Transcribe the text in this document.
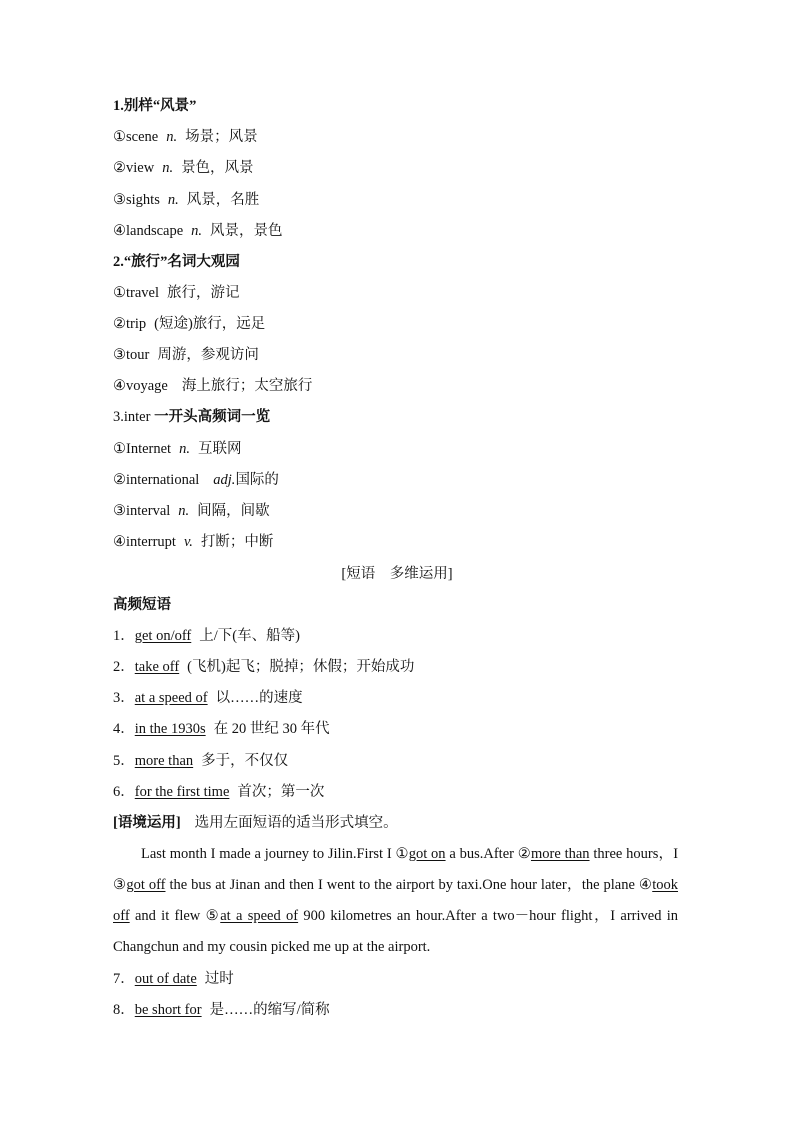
1.别样“风景”
①scene n. 场景；风景
②view n. 景色，风景
③sights n. 风景，名胜
④landscape n. 风景，景色
2.“旅行”名词大观园
①travel 旅行，游记
②trip (短途)旅行，远足
③tour 周游，参观访问
④voyage 海上旅行；太空旅行
3.inter 一开头高频词一览
①Internet n. 互联网
②international adj.国际的
③interval n. 间隔，间歇
④interrupt v. 打断；中断
[短语　多维运用]
高频短语
1．get on/off 上/下(车、船等)
2．take off (飞机)起飞；脱掉；休假；开始成功
3．at a speed of 以……的速度
4．in the 1930s 在 20 世纪 30 年代
5．more than 多于，不仅仅
6．for the first time 首次；第一次
[语境运用] 选用左面短语的适当形式填空。
Last month I made a journey to Jilin.First I ①got on a bus.After ②more than three hours，I ③got off the bus at Jinan and then I went to the airport by taxi.One hour later，the plane ④took off and it flew ⑤at a speed of 900 kilometres an hour.After a two－hour flight，I arrived in Changchun and my cousin picked me up at the airport.
7．out of date 过时
8．be short for 是……的缩写/简称
